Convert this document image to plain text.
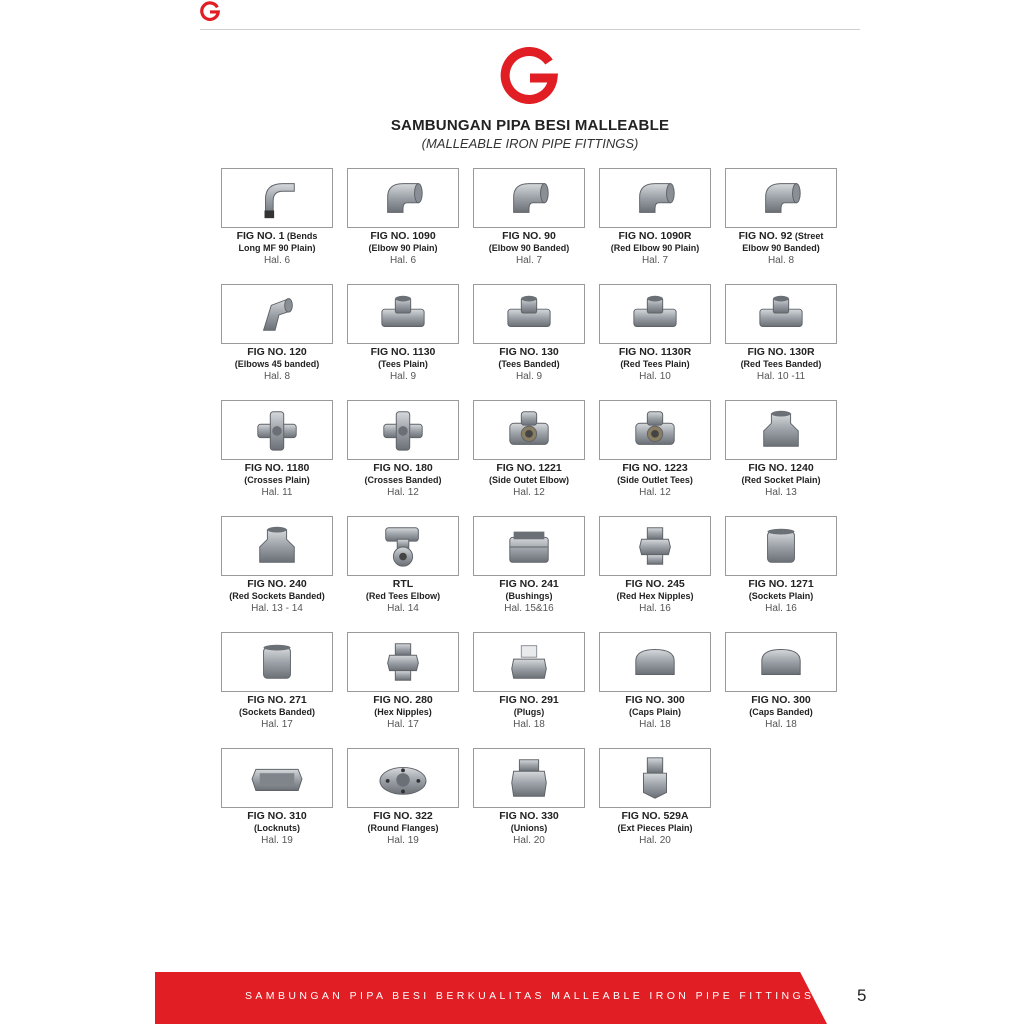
SAMBUNGAN PIPA BESI MALLEABLE
(MALLEABLE IRON PIPE FITTINGS)
FIG NO. 1 (Bends
Long MF 90 Plain)
Hal. 6
FIG NO. 1090
(Elbow 90 Plain)
Hal. 6
FIG NO. 90
(Elbow 90 Banded)
Hal. 7
FIG NO. 1090R
(Red Elbow 90 Plain)
Hal. 7
FIG NO. 92 (Street
Elbow 90 Banded)
Hal. 8
FIG NO. 120
(Elbows 45 banded)
Hal. 8
FIG NO. 1130
(Tees Plain)
Hal. 9
FIG NO. 130
(Tees Banded)
Hal. 9
FIG NO. 1130R
(Red Tees Plain)
Hal. 10
FIG NO. 130R
(Red Tees Banded)
Hal. 10 -11
FIG NO. 1180
(Crosses Plain)
Hal. 11
FIG NO. 180
(Crosses Banded)
Hal. 12
FIG NO. 1221
(Side Outet Elbow)
Hal. 12
FIG NO. 1223
(Side Outlet Tees)
Hal. 12
FIG NO. 1240
(Red Socket Plain)
Hal. 13
FIG NO. 240
(Red Sockets Banded)
Hal. 13 - 14
RTL
(Red Tees Elbow)
Hal. 14
FIG NO. 241
(Bushings)
Hal. 15&16
FIG NO. 245
(Red Hex Nipples)
Hal. 16
FIG NO. 1271
(Sockets Plain)
Hal. 16
FIG NO. 271
(Sockets Banded)
Hal. 17
FIG NO. 280
(Hex Nipples)
Hal. 17
FIG NO. 291
(Plugs)
Hal. 18
FIG NO. 300
(Caps Plain)
Hal. 18
FIG NO. 300
(Caps Banded)
Hal. 18
FIG NO. 310
(Locknuts)
Hal. 19
FIG NO. 322
(Round Flanges)
Hal. 19
FIG NO. 330
(Unions)
Hal. 20
FIG NO. 529A
(Ext Pieces Plain)
Hal. 20
SAMBUNGAN PIPA BESI BERKUALITAS MALLEABLE IRON PIPE FITTINGS | 5
